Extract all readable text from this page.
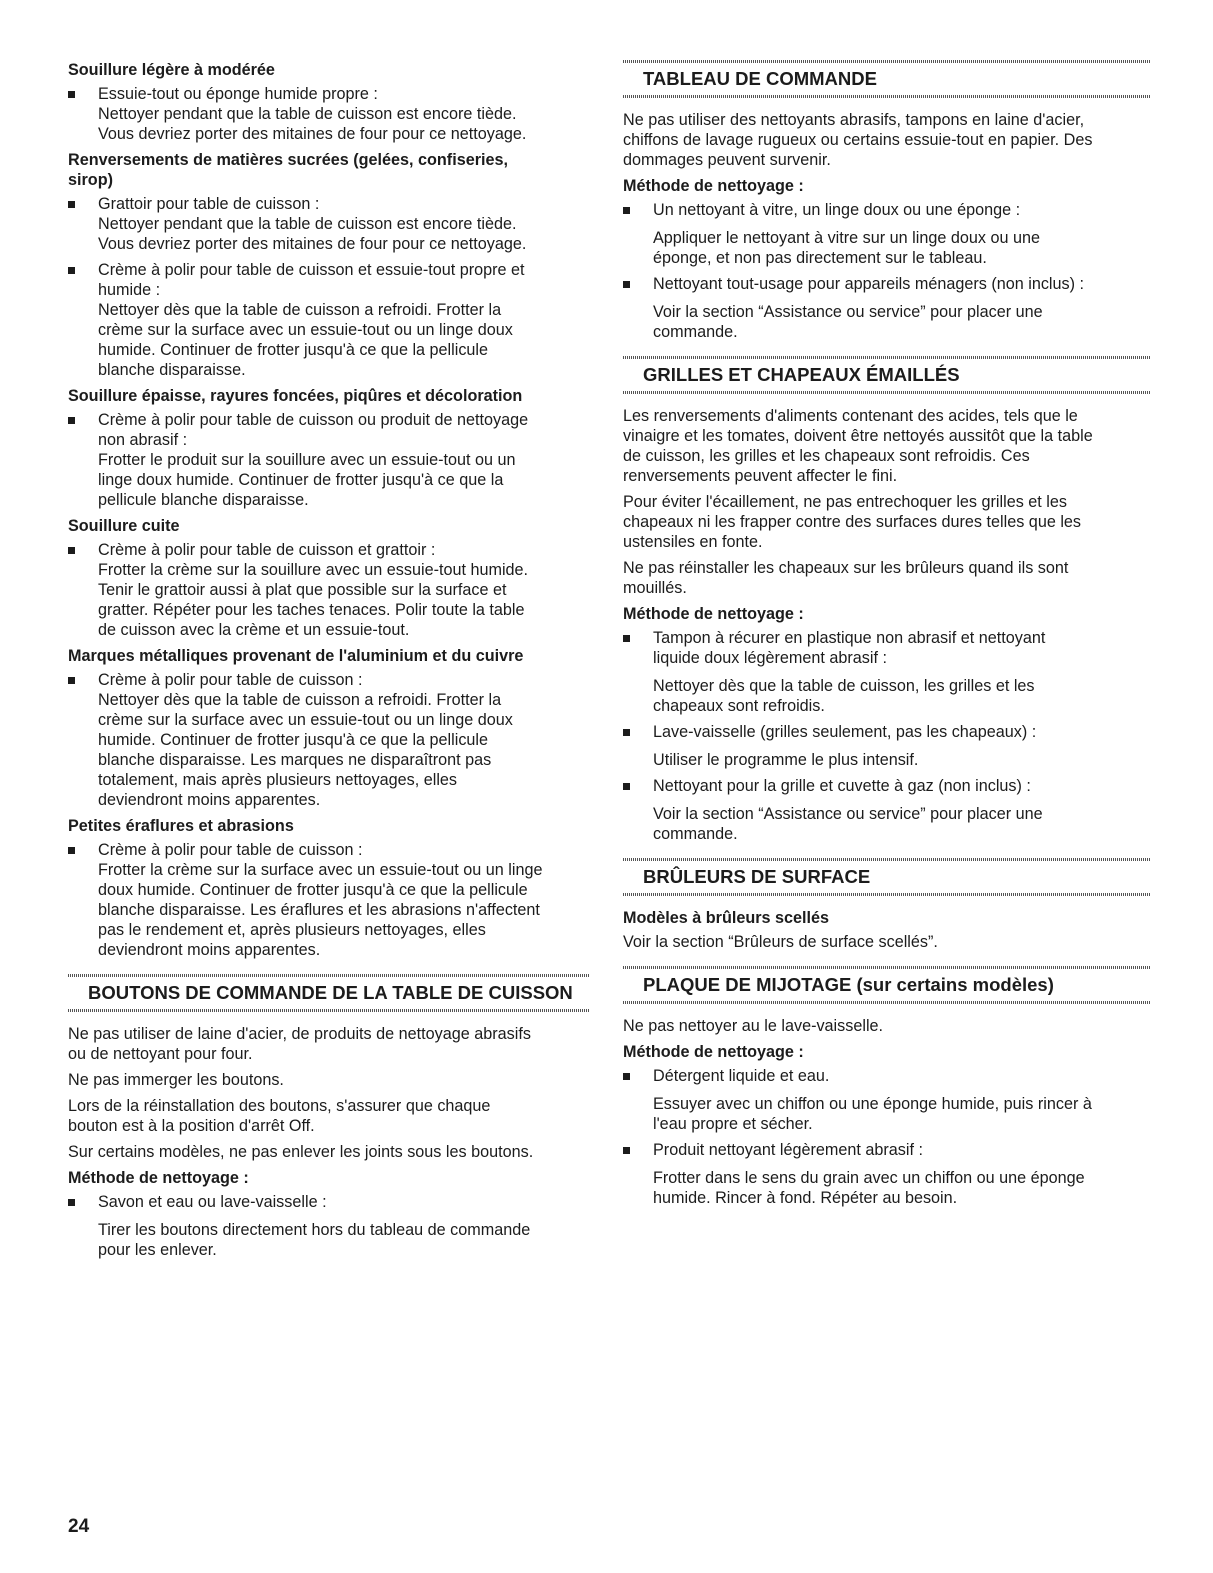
Souillure légère à modérée
Essuie-tout ou éponge humide propre :
Nettoyer pendant que la table de cuisson est encore tiède.
Vous devriez porter des mitaines de four pour ce nettoyage.
Renversements de matières sucrées (gelées, confiseries,
sirop)
Grattoir pour table de cuisson :
Nettoyer pendant que la table de cuisson est encore tiède.
Vous devriez porter des mitaines de four pour ce nettoyage.
Crème à polir pour table de cuisson et essuie-tout propre et
humide :
Nettoyer dès que la table de cuisson a refroidi. Frotter la
crème sur la surface avec un essuie-tout ou un linge doux
humide. Continuer de frotter jusqu'à ce que la pellicule
blanche disparaisse.
Souillure épaisse, rayures foncées, piqûres et décoloration
Crème à polir pour table de cuisson ou produit de nettoyage
non abrasif :
Frotter le produit sur la souillure avec un essuie-tout ou un
linge doux humide. Continuer de frotter jusqu'à ce que la
pellicule blanche disparaisse.
Souillure cuite
Crème à polir pour table de cuisson et grattoir :
Frotter la crème sur la souillure avec un essuie-tout humide.
Tenir le grattoir aussi à plat que possible sur la surface et
gratter. Répéter pour les taches tenaces. Polir toute la table
de cuisson avec la crème et un essuie-tout.
Marques métalliques provenant de l'aluminium et du cuivre
Crème à polir pour table de cuisson :
Nettoyer dès que la table de cuisson a refroidi. Frotter la
crème sur la surface avec un essuie-tout ou un linge doux
humide. Continuer de frotter jusqu'à ce que la pellicule
blanche disparaisse. Les marques ne disparaîtront pas
totalement, mais après plusieurs nettoyages, elles
deviendront moins apparentes.
Petites éraflures et abrasions
Crème à polir pour table de cuisson :
Frotter la crème sur la surface avec un essuie-tout ou un linge
doux humide. Continuer de frotter jusqu'à ce que la pellicule
blanche disparaisse. Les éraflures et les abrasions n'affectent
pas le rendement et, après plusieurs nettoyages, elles
deviendront moins apparentes.
BOUTONS DE COMMANDE DE LA TABLE DE CUISSON
Ne pas utiliser de laine d'acier, de produits de nettoyage abrasifs
ou de nettoyant pour four.
Ne pas immerger les boutons.
Lors de la réinstallation des boutons, s'assurer que chaque
bouton est à la position d'arrêt Off.
Sur certains modèles, ne pas enlever les joints sous les boutons.
Méthode de nettoyage :
Savon et eau ou lave-vaisselle :
Tirer les boutons directement hors du tableau de commande
pour les enlever.
TABLEAU DE COMMANDE
Ne pas utiliser des nettoyants abrasifs, tampons en laine d'acier,
chiffons de lavage rugueux ou certains essuie-tout en papier. Des
dommages peuvent survenir.
Méthode de nettoyage :
Un nettoyant à vitre, un linge doux ou une éponge :
Appliquer le nettoyant à vitre sur un linge doux ou une
éponge, et non pas directement sur le tableau.
Nettoyant tout-usage pour appareils ménagers (non inclus) :
Voir la section “Assistance ou service” pour placer une
commande.
GRILLES ET CHAPEAUX ÉMAILLÉS
Les renversements d'aliments contenant des acides, tels que le
vinaigre et les tomates, doivent être nettoyés aussitôt que la table
de cuisson, les grilles et les chapeaux sont refroidis. Ces
renversements peuvent affecter le fini.
Pour éviter l'écaillement, ne pas entrechoquer les grilles et les
chapeaux ni les frapper contre des surfaces dures telles que les
ustensiles en fonte.
Ne pas réinstaller les chapeaux sur les brûleurs quand ils sont
mouillés.
Méthode de nettoyage :
Tampon à récurer en plastique non abrasif et nettoyant
liquide doux légèrement abrasif :
Nettoyer dès que la table de cuisson, les grilles et les
chapeaux sont refroidis.
Lave-vaisselle (grilles seulement, pas les chapeaux) :
Utiliser le programme le plus intensif.
Nettoyant pour la grille et cuvette à gaz (non inclus) :
Voir la section “Assistance ou service” pour placer une
commande.
BRÛLEURS DE SURFACE
Modèles à brûleurs scellés
Voir la section “Brûleurs de surface scellés”.
PLAQUE DE MIJOTAGE (sur certains modèles)
Ne pas nettoyer au le lave-vaisselle.
Méthode de nettoyage :
Détergent liquide et eau.
Essuyer avec un chiffon ou une éponge humide, puis rincer à
l'eau propre et sécher.
Produit nettoyant légèrement abrasif :
Frotter dans le sens du grain avec un chiffon ou une éponge
humide. Rincer à fond. Répéter au besoin.
24
